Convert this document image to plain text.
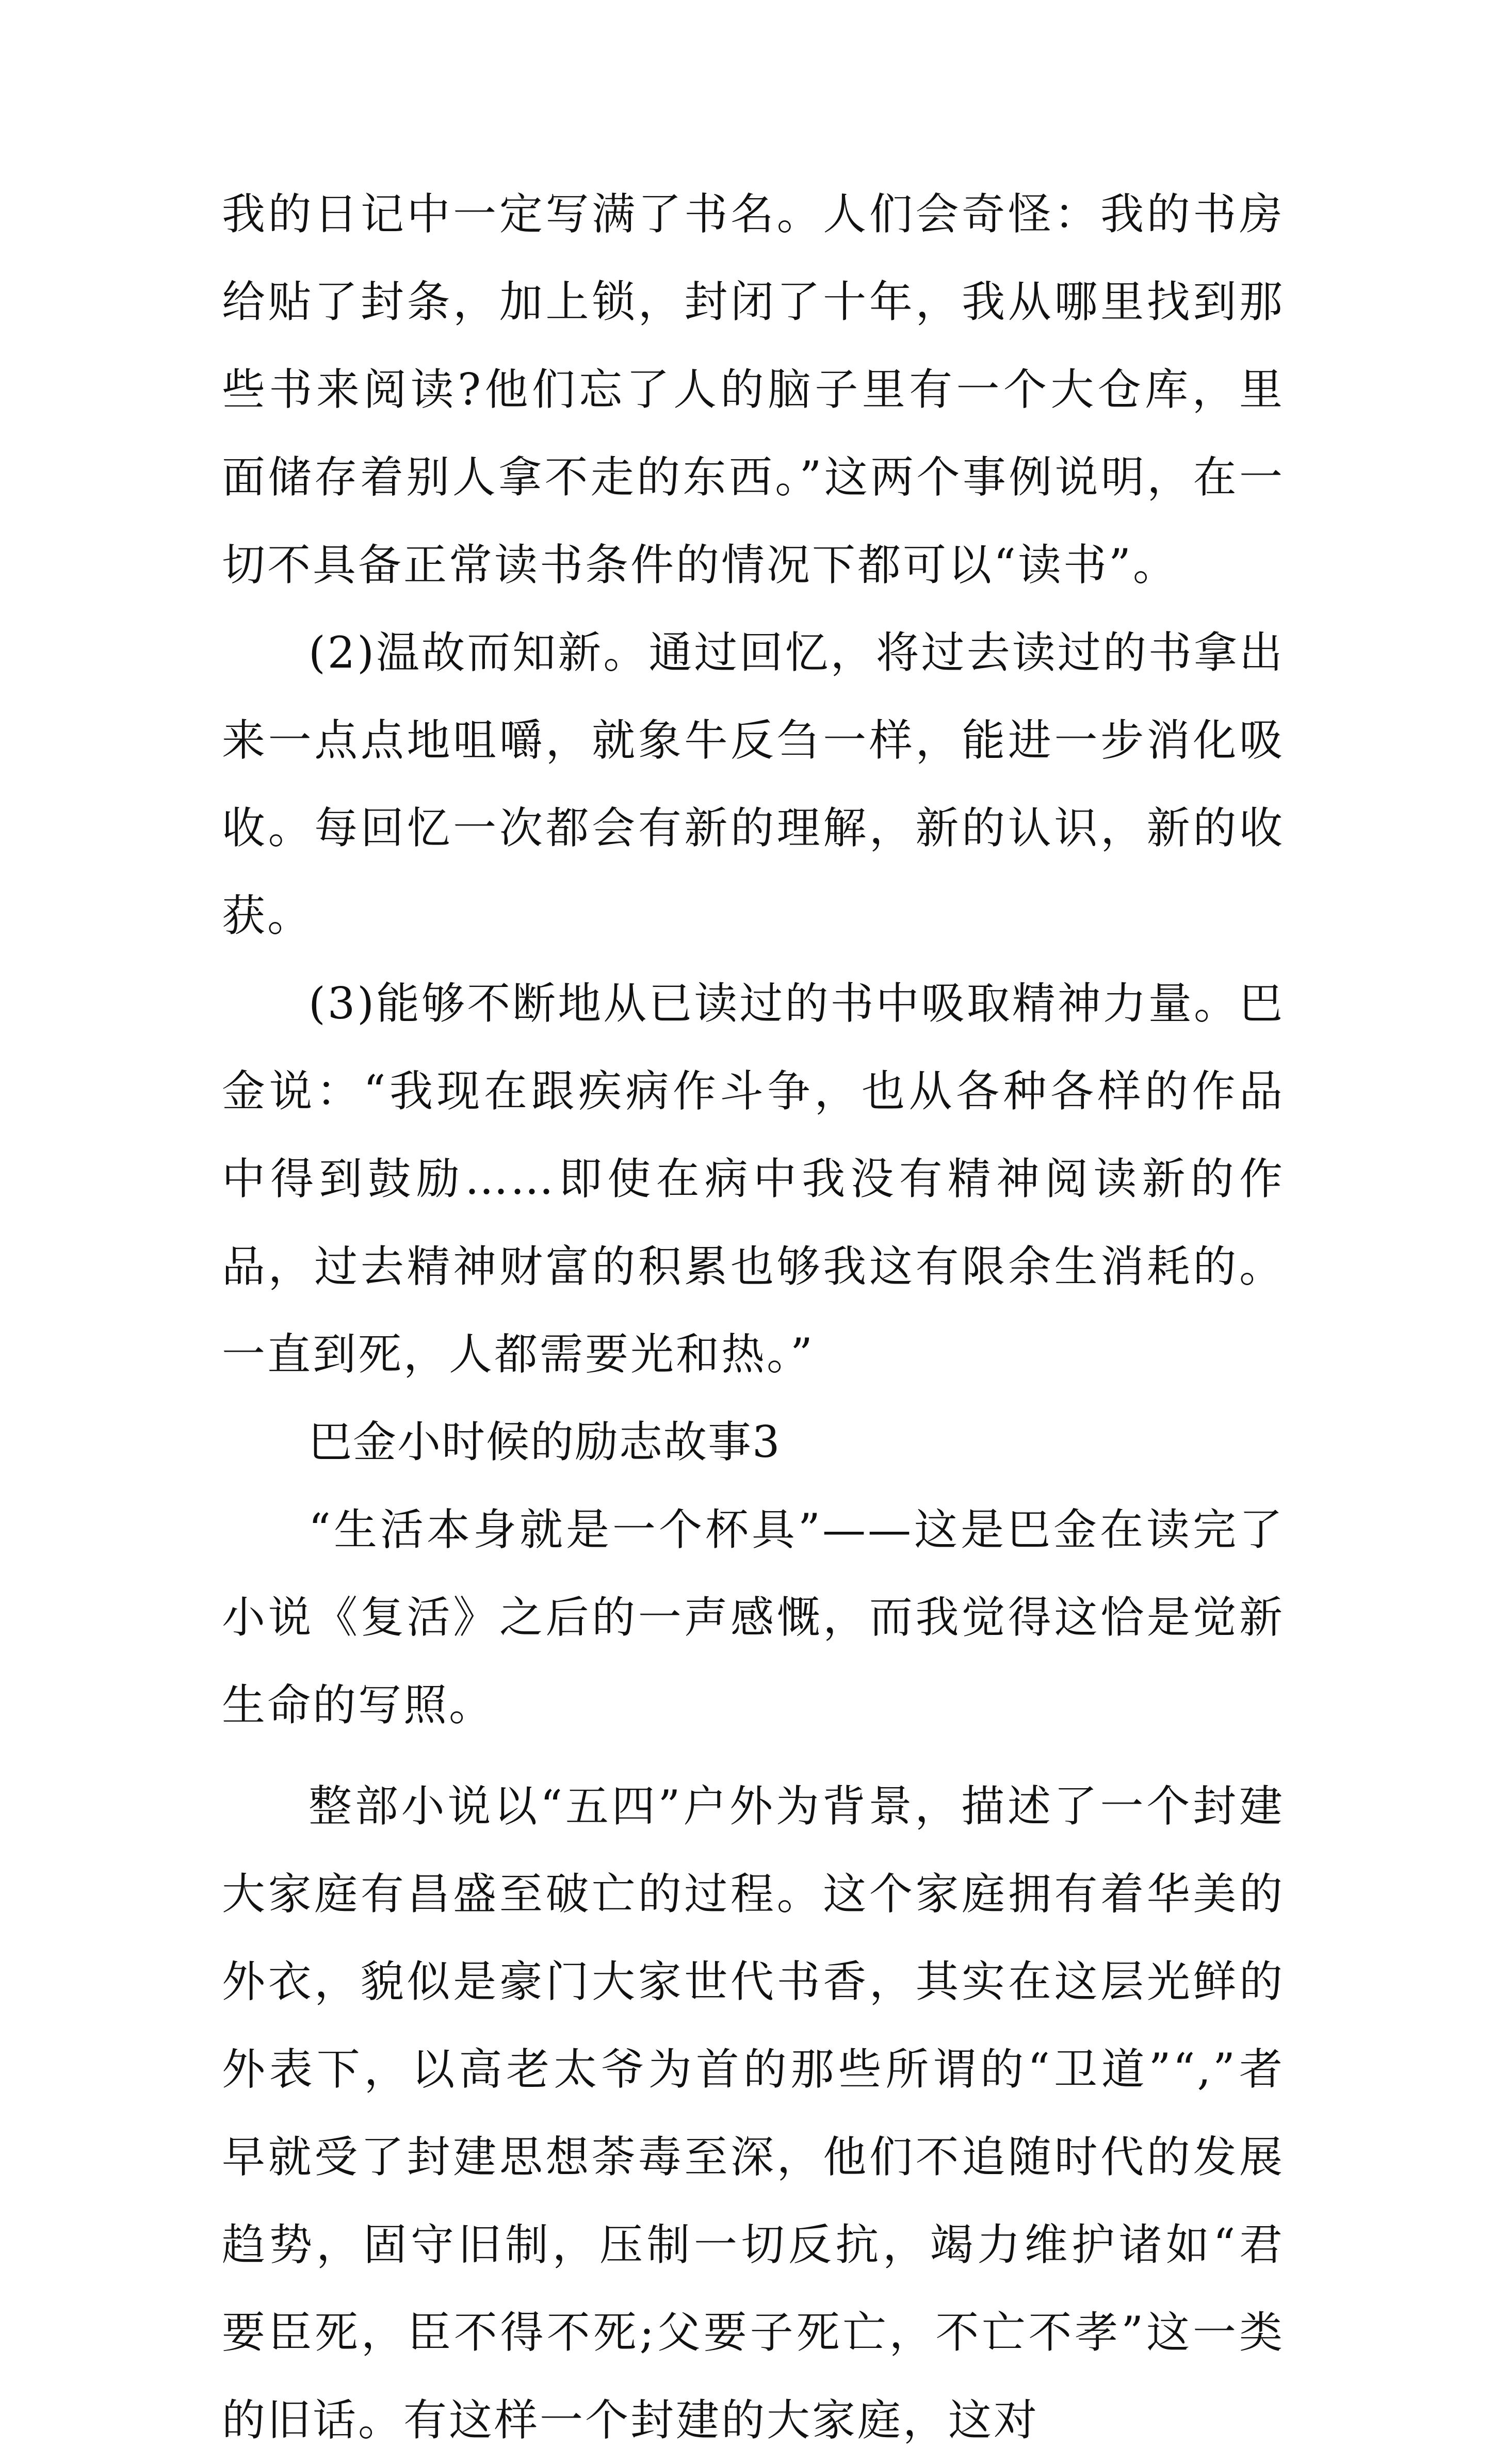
我的日记中一定写满了书名。人们会奇怪：我的书房给贴了封条，加上锁，封闭了十年，我从哪里找到那些书来阅读?他们忘了人的脑子里有一个大仓库，里面储存着别人拿不走的东西。”这两个事例说明，在一切不具备正常读书条件的情况下都可以“读书”。

(2)温故而知新。通过回忆，将过去读过的书拿出来一点点地咀嚼，就象牛反刍一样，能进一步消化吸收。每回忆一次都会有新的理解，新的认识，新的收获。

(3)能够不断地从已读过的书中吸取精神力量。巴金说：“我现在跟疾病作斗争，也从各种各样的作品中得到鼓励……即使在病中我没有精神阅读新的作品，过去精神财富的积累也够我这有限余生消耗的。一直到死，人都需要光和热。”

巴金小时候的励志故事3

“生活本身就是一个杯具”——这是巴金在读完了小说《复活》之后的一声感慨，而我觉得这恰是觉新生命的写照。

整部小说以“五四”户外为背景，描述了一个封建大家庭有昌盛至破亡的过程。这个家庭拥有着华美的外衣，貌似是豪门大家世代书香，其实在这层光鲜的外表下，以高老太爷为首的那些所谓的“卫道”“,”者早就受了封建思想荼毒至深，他们不追随时代的发展趋势，固守旧制，压制一切反抗，竭力维护诸如“君要臣死，臣不得不死;父要子死亡，不亡不孝”这一类的旧话。有这样一个封建的大家庭，这对
